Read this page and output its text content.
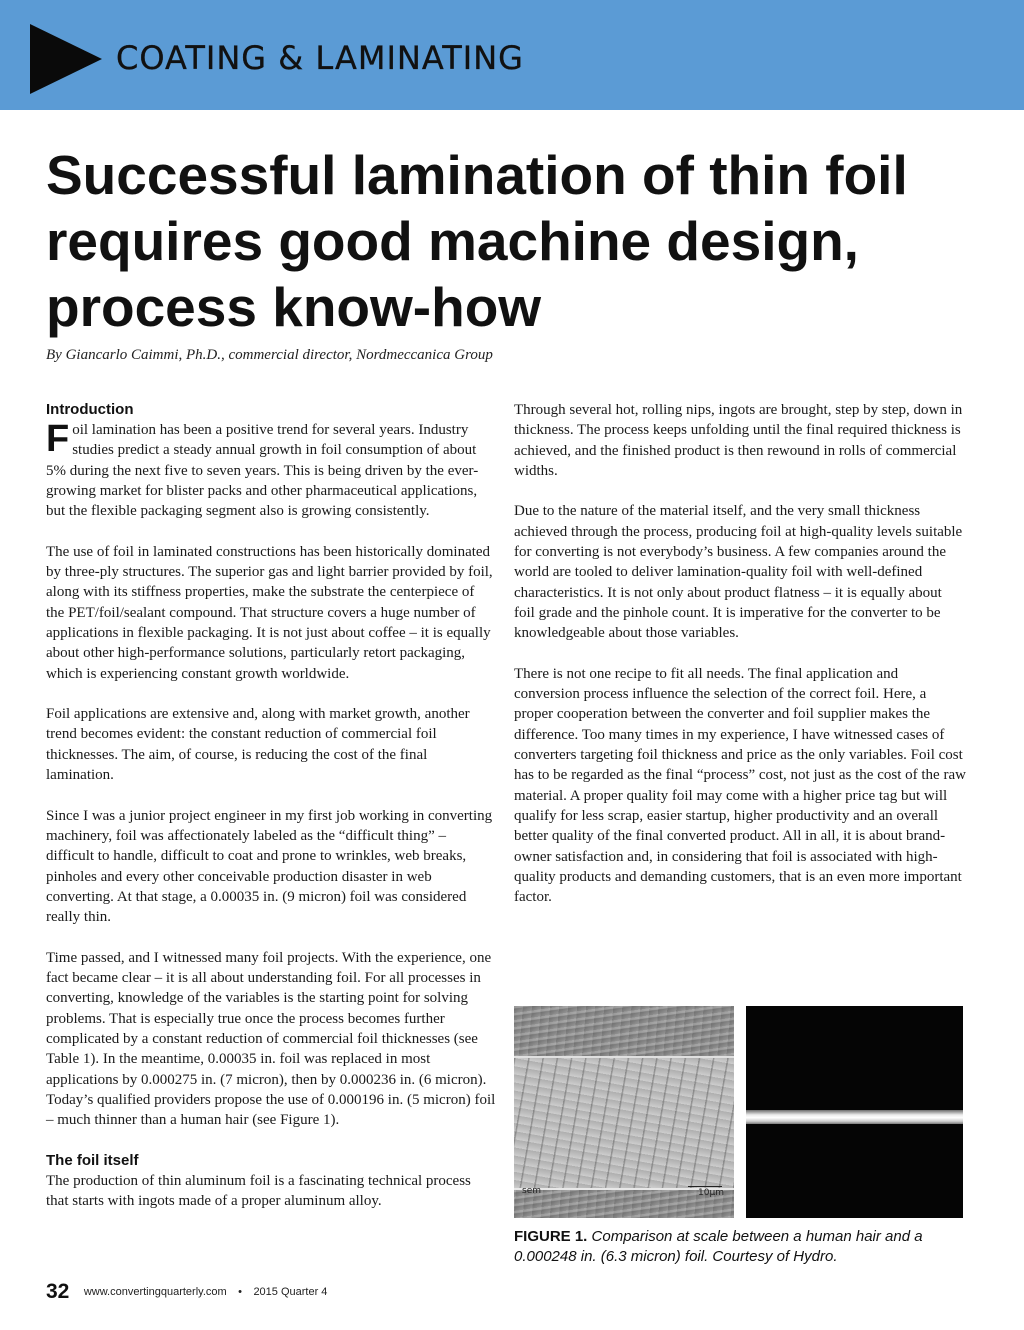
COATING & LAMINATING
Successful lamination of thin foil requires good machine design, process know-how
By Giancarlo Caimmi, Ph.D., commercial director, Nordmeccanica Group
Introduction

Foil lamination has been a positive trend for several years. Industry studies predict a steady annual growth in foil consumption of about 5% during the next five to seven years. This is being driven by the ever-growing market for blister packs and other pharmaceutical applications, but the flexible packaging segment also is growing consistently.

The use of foil in laminated constructions has been historically dominated by three-ply structures. The superior gas and light barrier provided by foil, along with its stiffness properties, make the substrate the centerpiece of the PET/foil/sealant compound. That structure covers a huge number of applications in flexible packaging. It is not just about coffee – it is equally about other high-performance solutions, particularly retort packaging, which is experiencing constant growth worldwide.

Foil applications are extensive and, along with market growth, another trend becomes evident: the constant reduction of commercial foil thicknesses. The aim, of course, is reducing the cost of the final lamination.

Since I was a junior project engineer in my first job working in converting machinery, foil was affectionately labeled as the “difficult thing” – difficult to handle, difficult to coat and prone to wrinkles, web breaks, pinholes and every other conceivable production disaster in web converting. At that stage, a 0.00035 in. (9 micron) foil was considered really thin.

Time passed, and I witnessed many foil projects. With the experience, one fact became clear – it is all about understanding foil. For all processes in converting, knowledge of the variables is the starting point for solving problems. That is especially true once the process becomes further complicated by a constant reduction of commercial foil thicknesses (see Table 1). In the meantime, 0.00035 in. foil was replaced in most applications by 0.000275 in. (7 micron), then by 0.000236 in. (6 micron). Today’s qualified providers propose the use of 0.000196 in. (5 micron) foil – much thinner than a human hair (see Figure 1).

The foil itself

The production of thin aluminum foil is a fascinating technical process that starts with ingots made of a proper aluminum alloy.

Through several hot, rolling nips, ingots are brought, step by step, down in thickness. The process keeps unfolding until the final required thickness is achieved, and the finished product is then rewound in rolls of commercial widths.

Due to the nature of the material itself, and the very small thickness achieved through the process, producing foil at high-quality levels suitable for converting is not everybody’s business. A few companies around the world are tooled to deliver lamination-quality foil with well-defined characteristics. It is not only about product flatness – it is equally about foil grade and the pinhole count. It is imperative for the converter to be knowledgeable about those variables.

There is not one recipe to fit all needs. The final application and conversion process influence the selection of the correct foil. Here, a proper cooperation between the converter and foil supplier makes the difference. Too many times in my experience, I have witnessed cases of converters targeting foil thickness and price as the only variables. Foil cost has to be regarded as the final “process” cost, not just as the cost of the raw material. A proper quality foil may come with a higher price tag but will qualify for less scrap, easier startup, higher productivity and an overall better quality of the final converted product. All in all, it is about brand-owner satisfaction and, in considering that foil is associated with high-quality products and demanding customers, that is an even more important factor.

sem	10μm
FIGURE 1. Comparison at scale between a human hair and a 0.000248 in. (6.3 micron) foil. Courtesy of Hydro.
32 www.convertingquarterly.com • 2015 Quarter 4
